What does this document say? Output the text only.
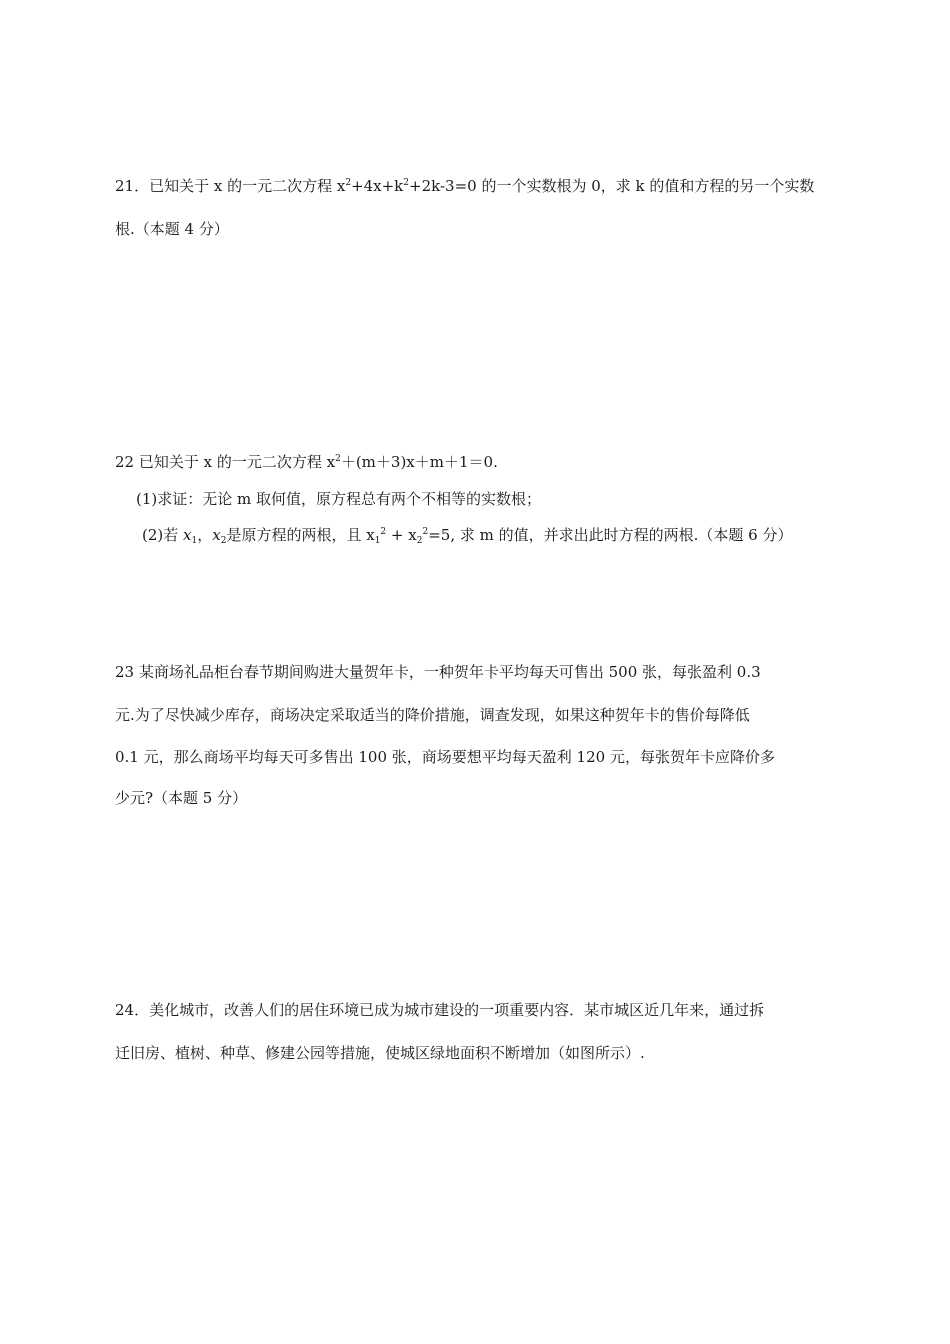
21．已知关于 x 的一元二次方程 $x^2+4x+k^2+2k-3=0$ 的一个实数根为 0，求 k 的值和方程的另一个实数
根.（本题 4 分）
22 已知关于 x 的一元二次方程 $x^2+(m+3)x+m+1=0$.
(1)求证：无论 m 取何值，原方程总有两个不相等的实数根；
(2)若 $x_1$，$x_2$是原方程的两根，且 $x_1^2 + x_2^2=5$, 求 m 的值，并求出此时方程的两根.（本题 6 分）
23 某商场礼品柜台春节期间购进大量贺年卡，一种贺年卡平均每天可售出 500 张，每张盈利 0.3
元.为了尽快减少库存，商场决定采取适当的降价措施，调查发现，如果这种贺年卡的售价每降低
0.1 元，那么商场平均每天可多售出 100 张，商场要想平均每天盈利 120 元，每张贺年卡应降价多
少元?（本题 5 分）
24．美化城市，改善人们的居住环境已成为城市建设的一项重要内容．某市城区近几年来，通过拆
迁旧房、植树、种草、修建公园等措施，使城区绿地面积不断增加（如图所示）.
